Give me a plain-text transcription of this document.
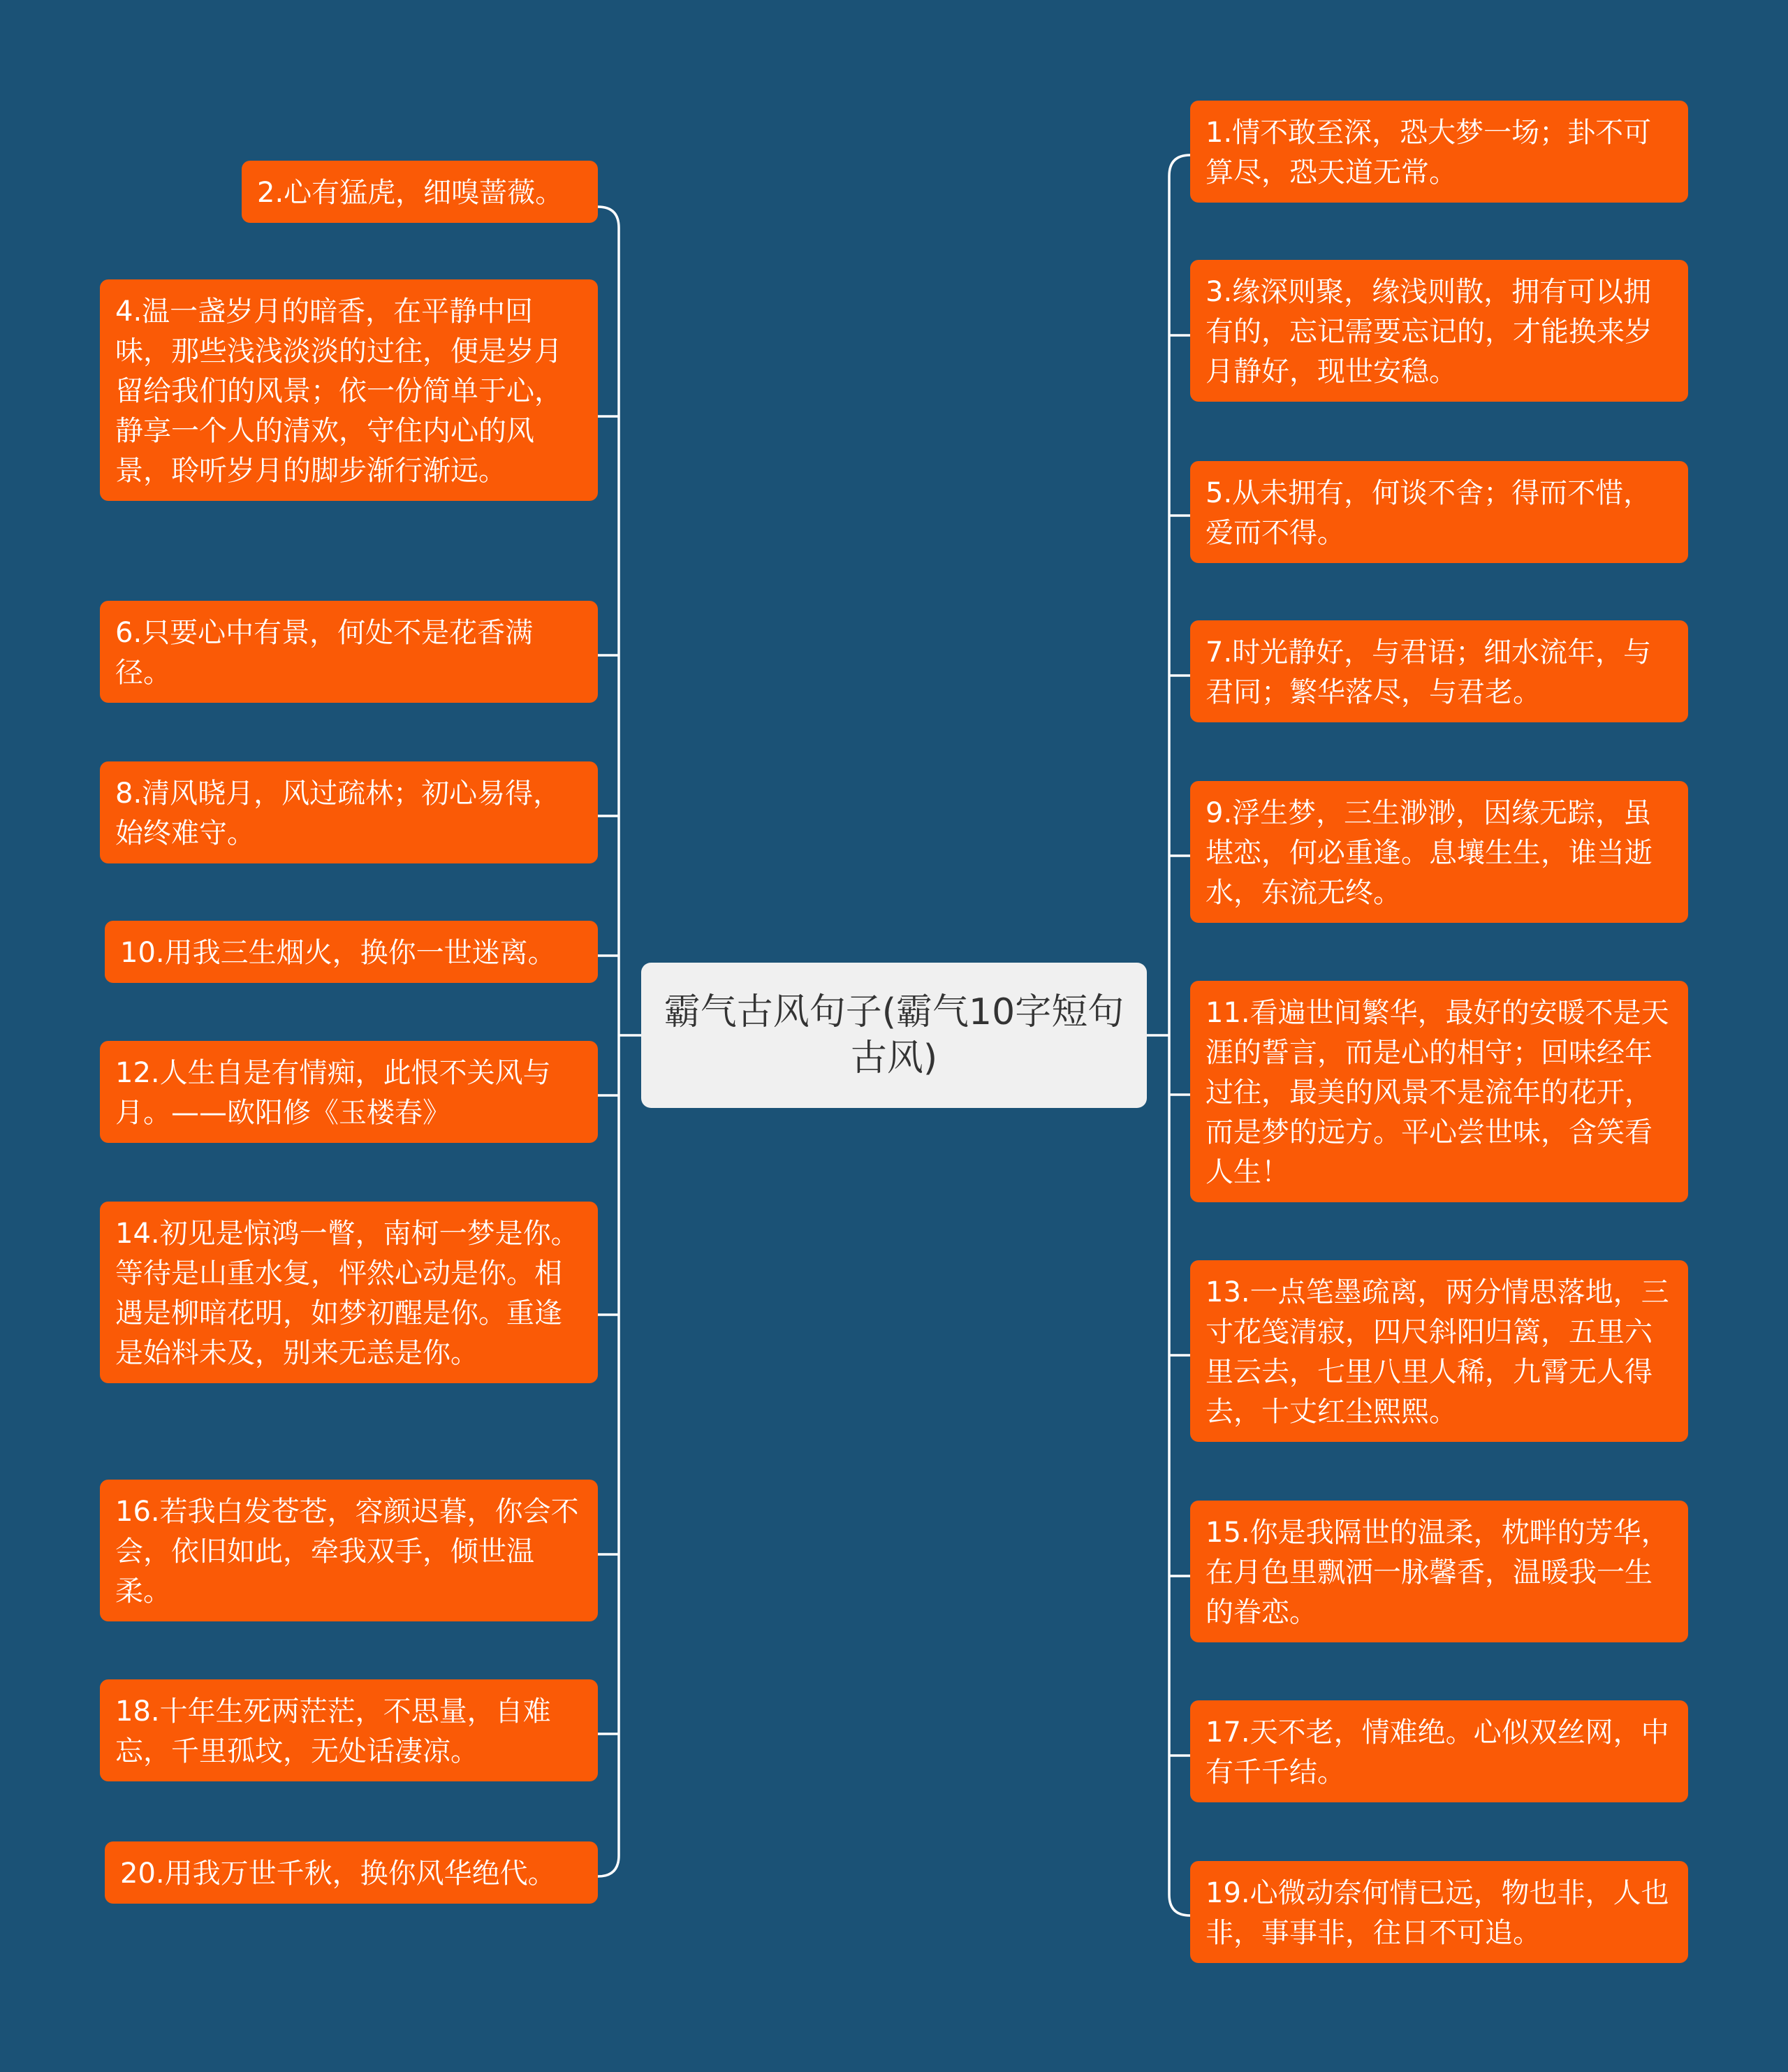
霸气古风句子(霸气10字短句古风)
2.心有猛虎，细嗅蔷薇。
4.温一盏岁月的暗香，在平静中回味，那些浅浅淡淡的过往，便是岁月留给我们的风景；依一份简单于心，静享一个人的清欢，守住内心的风景，聆听岁月的脚步渐行渐远。
6.只要心中有景，何处不是花香满径。
8.清风晓月，风过疏林；初心易得，始终难守。
10.用我三生烟火，换你一世迷离。
12.人生自是有情痴，此恨不关风与月。——欧阳修《玉楼春》
14.初见是惊鸿一瞥，南柯一梦是你。等待是山重水复，怦然心动是你。相遇是柳暗花明，如梦初醒是你。重逢是始料未及，别来无恙是你。
16.若我白发苍苍，容颜迟暮，你会不会，依旧如此，牵我双手，倾世温柔。
18.十年生死两茫茫，不思量，自难忘，千里孤坟，无处话凄凉。
20.用我万世千秋，换你风华绝代。
1.情不敢至深，恐大梦一场；卦不可算尽，恐天道无常。
3.缘深则聚，缘浅则散，拥有可以拥有的，忘记需要忘记的，才能换来岁月静好，现世安稳。
5.从未拥有，何谈不舍；得而不惜，爱而不得。
7.时光静好，与君语；细水流年，与君同；繁华落尽，与君老。
9.浮生梦，三生渺渺，因缘无踪，虽堪恋，何必重逢。息壤生生，谁当逝水，东流无终。
11.看遍世间繁华，最好的安暖不是天涯的誓言，而是心的相守；回味经年过往，最美的风景不是流年的花开，而是梦的远方。平心尝世味，含笑看人生！
13.一点笔墨疏离，两分情思落地，三寸花笺清寂，四尺斜阳归篱，五里六里云去，七里八里人稀，九霄无人得去，十丈红尘熙熙。
15.你是我隔世的温柔，枕畔的芳华，在月色里飘洒一脉馨香，温暖我一生的眷恋。
17.天不老，情难绝。心似双丝网，中有千千结。
19.心微动奈何情已远，物也非，人也非，事事非，往日不可追。
